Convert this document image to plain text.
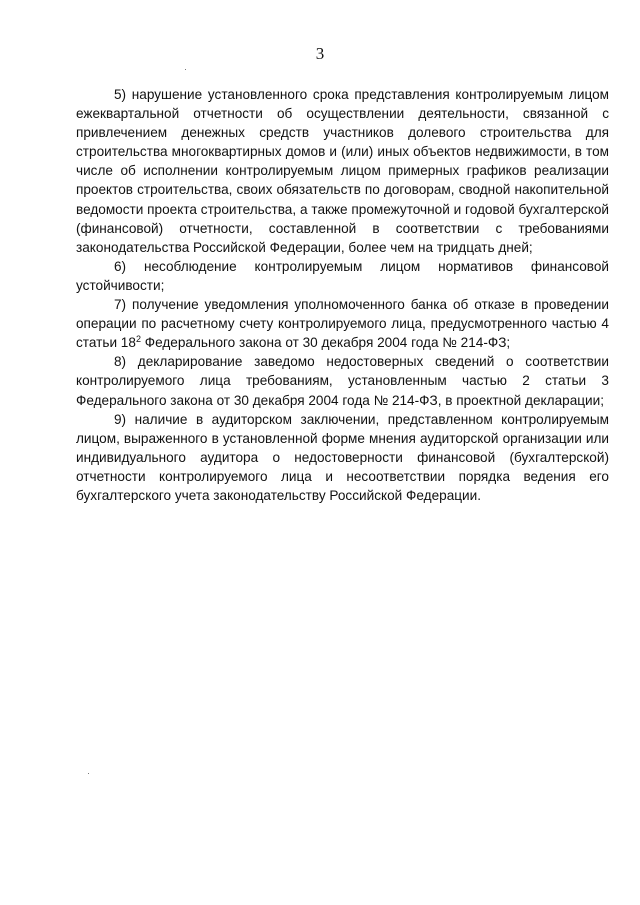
3

5) нарушение установленного срока представления контролируемым лицом ежеквартальной отчетности об осуществлении деятельности, связанной с привлечением денежных средств участников долевого строительства для строительства многоквартирных домов и (или) иных объектов недвижимости, в том числе об исполнении контролируемым лицом примерных графиков реализации проектов строительства, своих обязательств по договорам, сводной накопительной ведомости проекта строительства, а также промежуточной и годовой бухгалтерской (финансовой) отчетности, составленной в соответствии с требованиями законодательства Российской Федерации, более чем на тридцать дней;

6) несоблюдение контролируемым лицом нормативов финансовой устойчивости;

7) получение уведомления уполномоченного банка об отказе в проведении операции по расчетному счету контролируемого лица, предусмотренного частью 4 статьи $18^2$ Федерального закона от 30 декабря 2004 года № 214-ФЗ;

8) декларирование заведомо недостоверных сведений о соответствии контролируемого лица требованиям, установленным частью 2 статьи 3 Федерального закона от 30 декабря 2004 года № 214-ФЗ, в проектной декларации;

9) наличие в аудиторском заключении, представленном контролируемым лицом, выраженного в установленной форме мнения аудиторской организации или индивидуального аудитора о недостоверности финансовой (бухгалтерской) отчетности контролируемого лица и несоответствии порядка ведения его бухгалтерского учета законодательству Российской Федерации.
